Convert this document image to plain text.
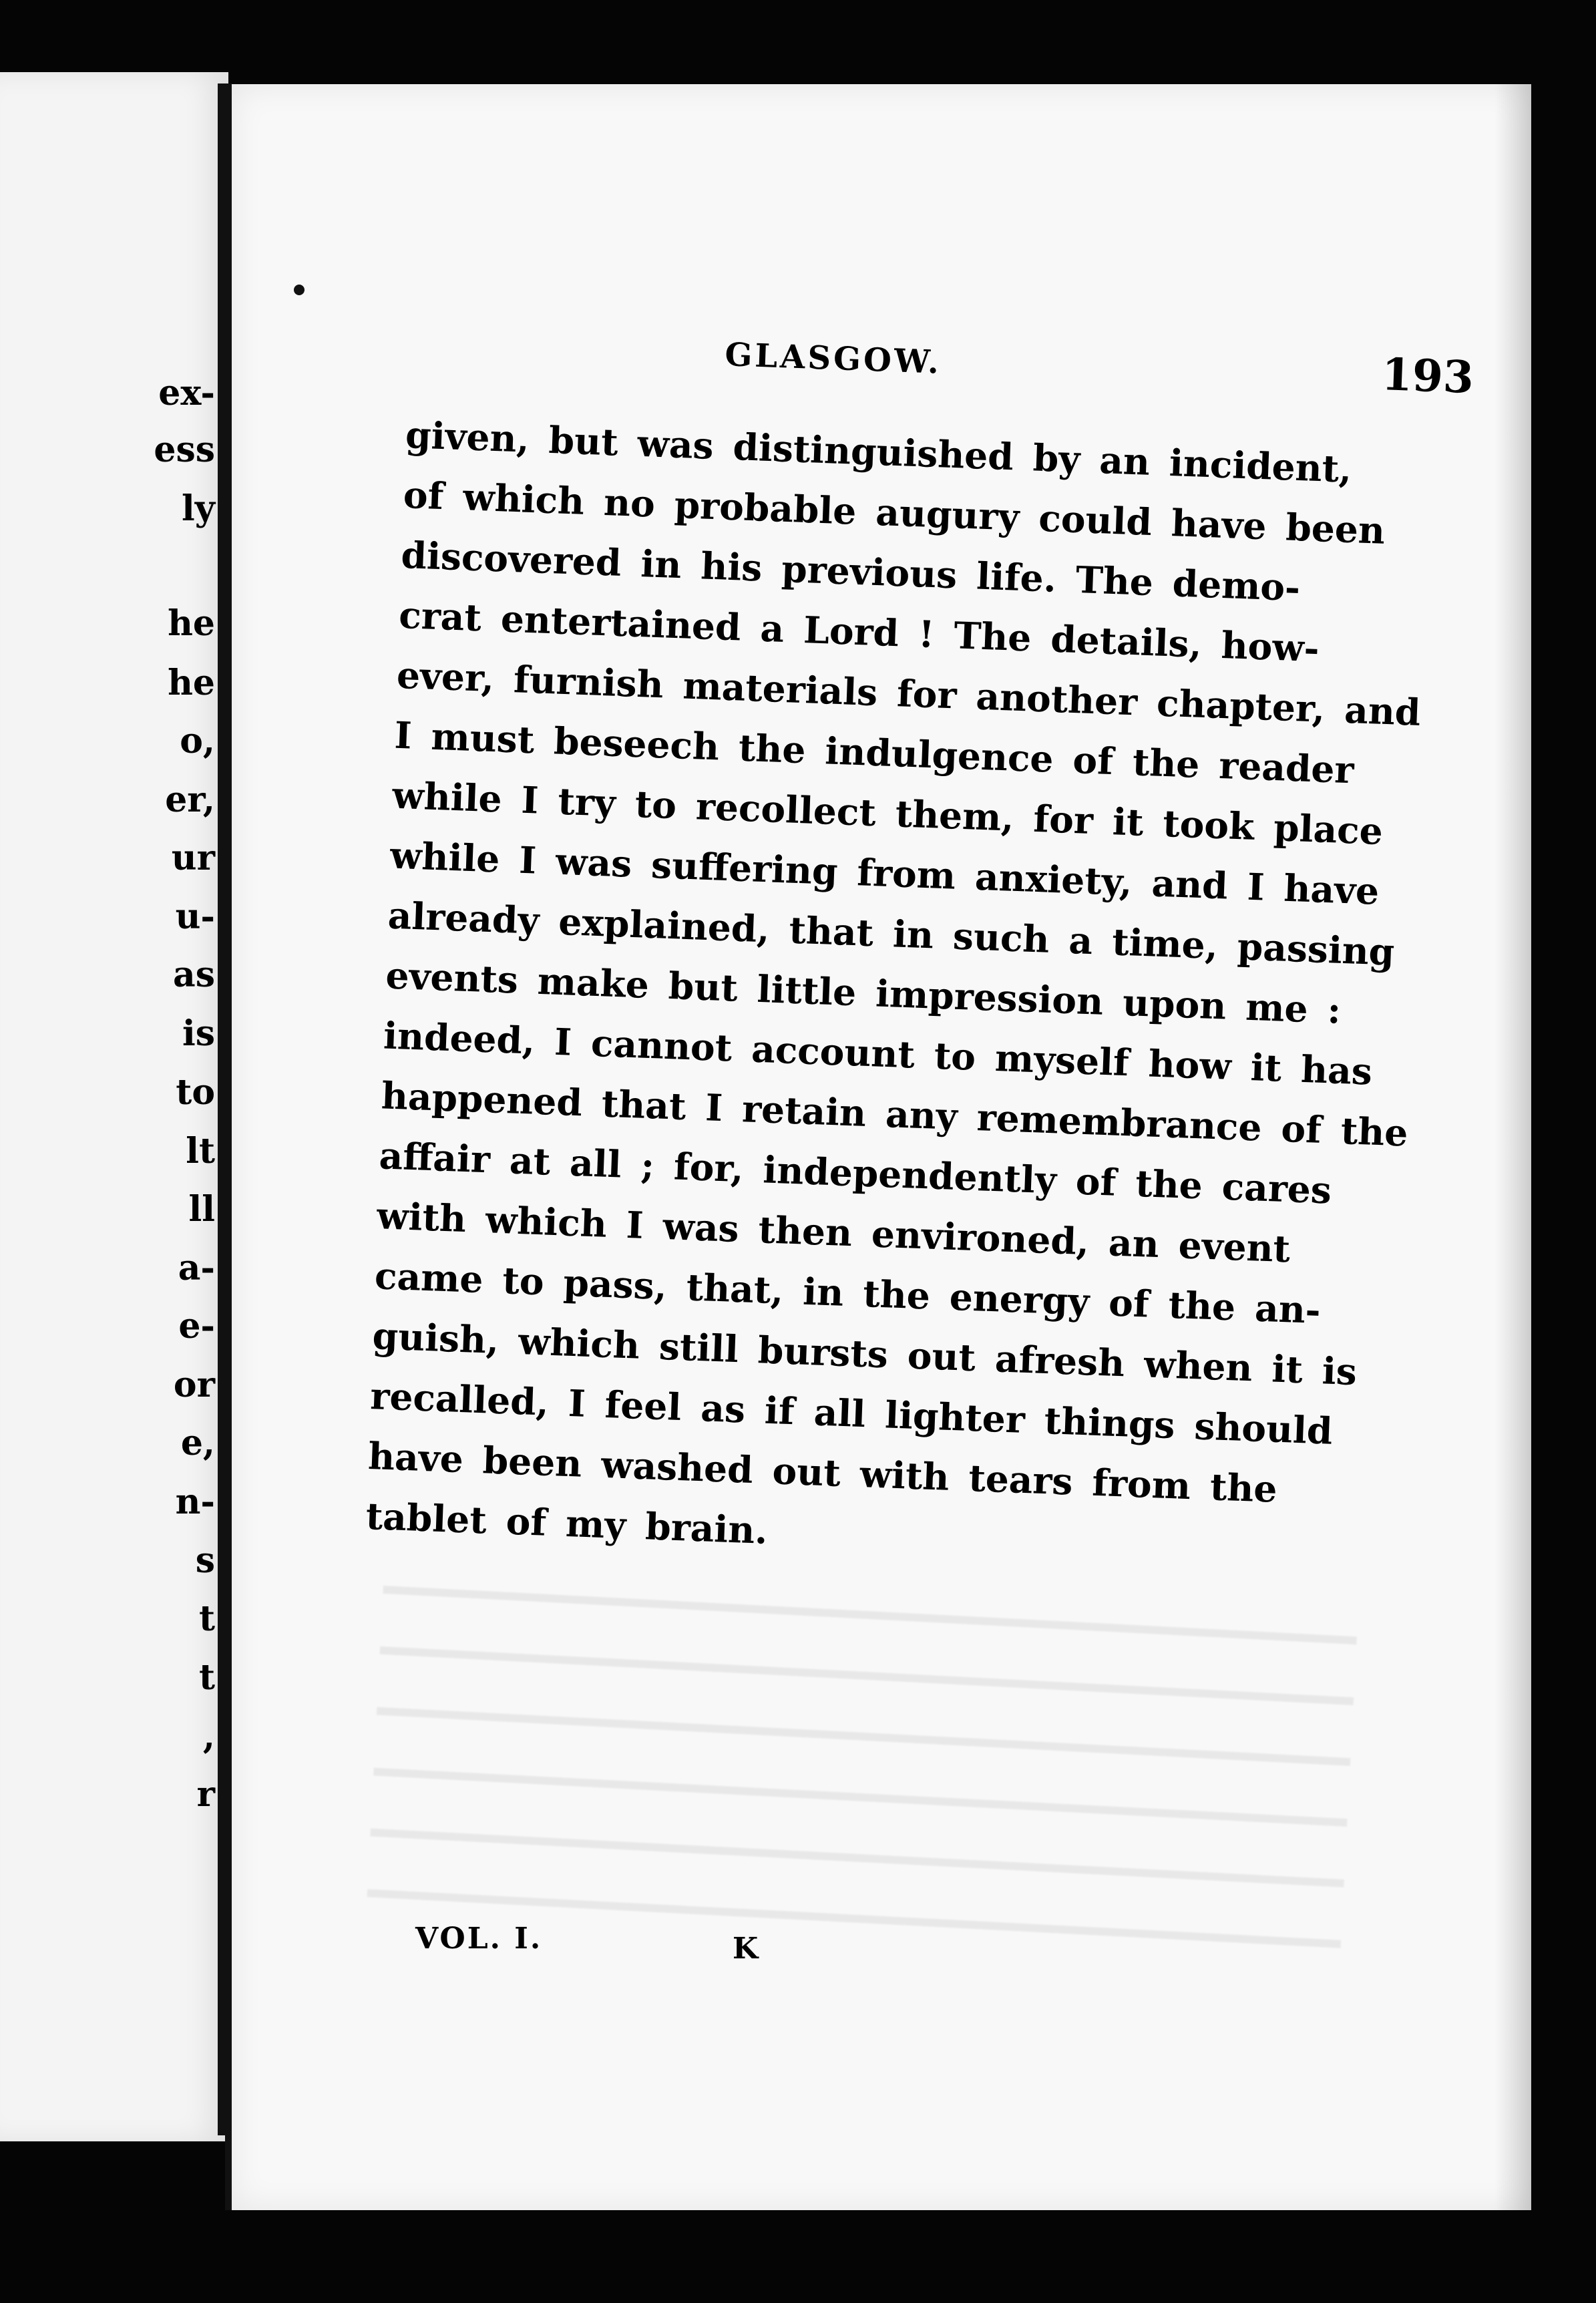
ex-
ess
ly
he
he
o,
er,
ur
u-
as
is
to
lt
ll
a-
e-
or
e,
n-
s
t
t
,
r
GLASGOW.	193
given, but was distinguished by an incident,
of which no probable augury could have been
discovered in his previous life. The demo-
crat entertained a Lord ! The details, how-
ever, furnish materials for another chapter, and
I must beseech the indulgence of the reader
while I try to recollect them, for it took place
while I was suffering from anxiety, and I have
already explained, that in such a time, passing
events make but little impression upon me :
indeed, I cannot account to myself how it has
happened that I retain any remembrance of the
affair at all ; for, independently of the cares
with which I was then environed, an event
came to pass, that, in the energy of the an-
guish, which still bursts out afresh when it is
recalled, I feel as if all lighter things should
have been washed out with tears from the
tablet of my brain.
VOL. I.	K
